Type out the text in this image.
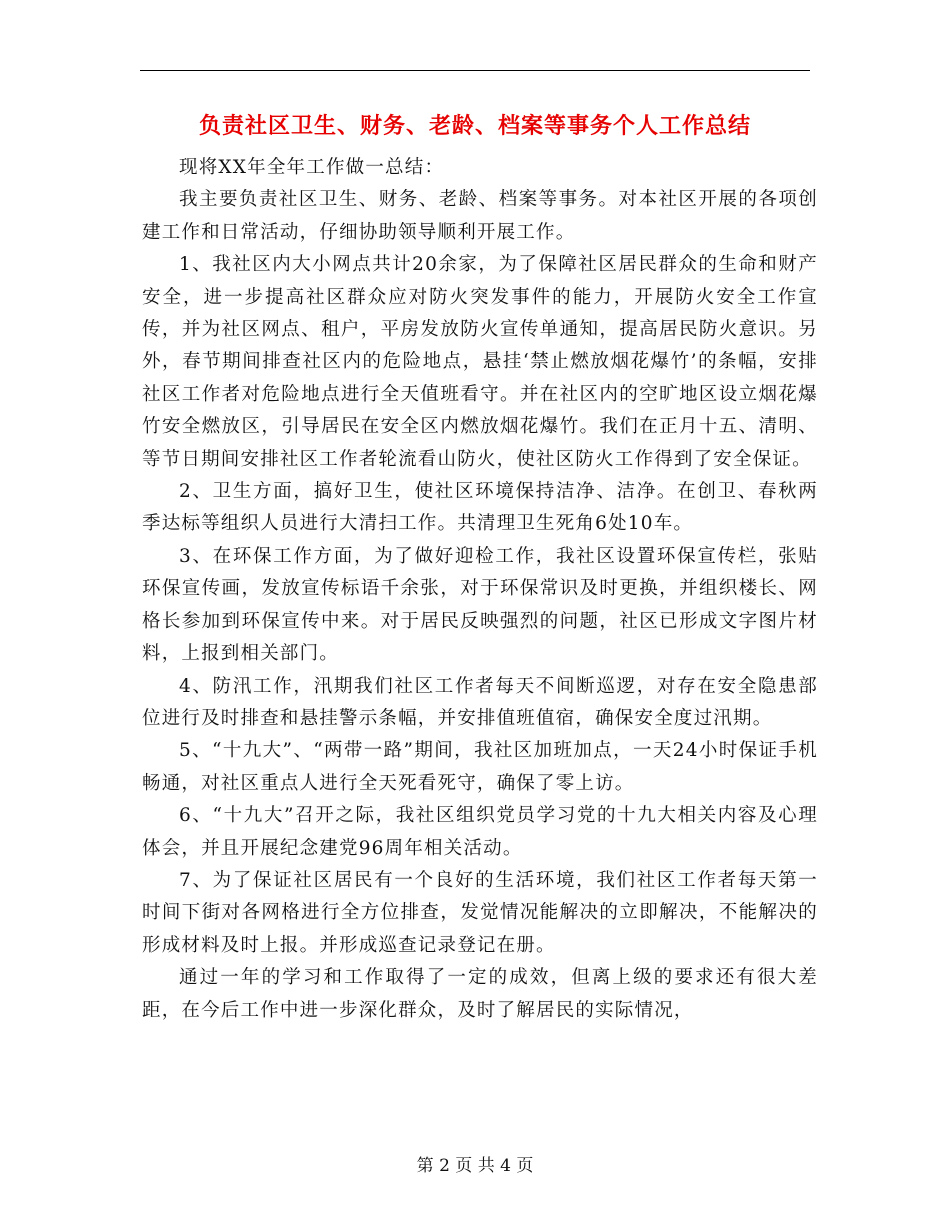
负责社区卫生、财务、老龄、档案等事务个人工作总结

现将XX年全年工作做一总结：

我主要负责社区卫生、财务、老龄、档案等事务。对本社区开展的各项创建工作和日常活动，仔细协助领导顺利开展工作。

1、我社区内大小网点共计20余家，为了保障社区居民群众的生命和财产安全，进一步提高社区群众应对防火突发事件的能力，开展防火安全工作宣传，并为社区网点、租户，平房发放防火宣传单通知，提高居民防火意识。另外，春节期间排查社区内的危险地点，悬挂‘禁止燃放烟花爆竹’的条幅，安排社区工作者对危险地点进行全天值班看守。并在社区内的空旷地区设立烟花爆竹安全燃放区，引导居民在安全区内燃放烟花爆竹。我们在正月十五、清明、等节日期间安排社区工作者轮流看山防火，使社区防火工作得到了安全保证。

2、卫生方面，搞好卫生，使社区环境保持洁净、洁净。在创卫、春秋两季达标等组织人员进行大清扫工作。共清理卫生死角6处10车。

3、在环保工作方面，为了做好迎检工作，我社区设置环保宣传栏，张贴环保宣传画，发放宣传标语千余张，对于环保常识及时更换，并组织楼长、网格长参加到环保宣传中来。对于居民反映强烈的问题，社区已形成文字图片材料，上报到相关部门。

4、防汛工作，汛期我们社区工作者每天不间断巡逻，对存在安全隐患部位进行及时排查和悬挂警示条幅，并安排值班值宿，确保安全度过汛期。

5、“十九大”、“两带一路”期间，我社区加班加点，一天24小时保证手机畅通，对社区重点人进行全天死看死守，确保了零上访。

6、“十九大”召开之际，我社区组织党员学习党的十九大相关内容及心理体会，并且开展纪念建党96周年相关活动。

7、为了保证社区居民有一个良好的生活环境，我们社区工作者每天第一时间下街对各网格进行全方位排查，发觉情况能解决的立即解决，不能解决的形成材料及时上报。并形成巡查记录登记在册。

通过一年的学习和工作取得了一定的成效，但离上级的要求还有很大差距，在今后工作中进一步深化群众，及时了解居民的实际情况，

第 2 页 共 4 页
